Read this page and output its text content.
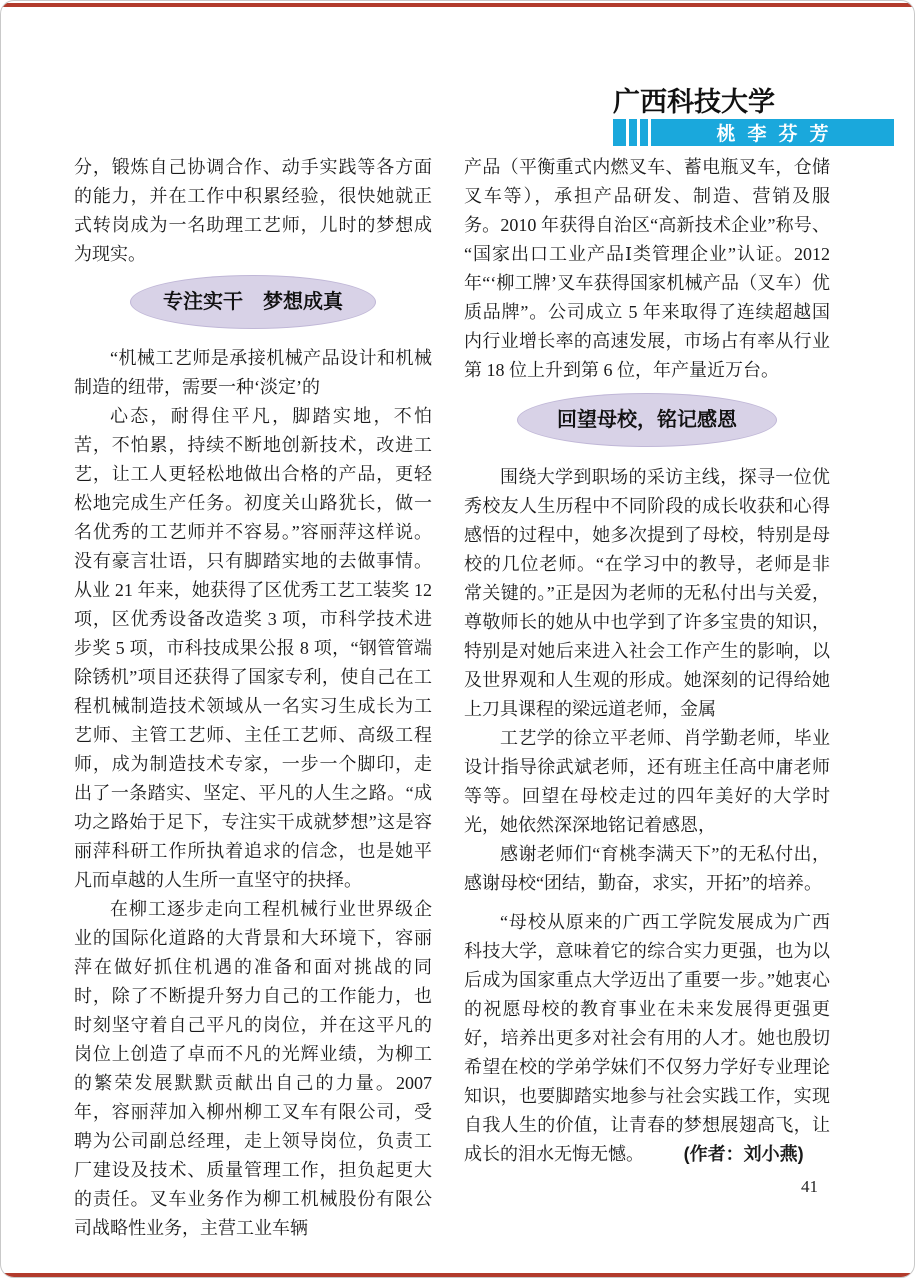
广西科技大学
桃李芬芳

分，锻炼自己协调合作、动手实践等各方面的能力，并在工作中积累经验，很快她就正式转岗成为一名助理工艺师，儿时的梦想成为现实。

专注实干　梦想成真

“机械工艺师是承接机械产品设计和机械制造的纽带，需要一种‘淡定’的

心态，耐得住平凡，脚踏实地，不怕苦，不怕累，持续不断地创新技术，改进工艺，让工人更轻松地做出合格的产品，更轻松地完成生产任务。初度关山路犹长，做一名优秀的工艺师并不容易。”容丽萍这样说。没有豪言壮语，只有脚踏实地的去做事情。从业 21 年来，她获得了区优秀工艺工装奖 12 项，区优秀设备改造奖 3 项，市科学技术进步奖 5 项，市科技成果公报 8 项，“钢管管端除锈机”项目还获得了国家专利，使自己在工程机械制造技术领域从一名实习生成长为工艺师、主管工艺师、主任工艺师、高级工程师，成为制造技术专家，一步一个脚印，走出了一条踏实、坚定、平凡的人生之路。“成功之路始于足下，专注实干成就梦想”这是容丽萍科研工作所执着追求的信念，也是她平凡而卓越的人生所一直坚守的抉择。

在柳工逐步走向工程机械行业世界级企业的国际化道路的大背景和大环境下，容丽萍在做好抓住机遇的准备和面对挑战的同时，除了不断提升努力自己的工作能力，也时刻坚守着自己平凡的岗位，并在这平凡的岗位上创造了卓而不凡的光辉业绩，为柳工的繁荣发展默默贡献出自己的力量。2007 年，容丽萍加入柳州柳工叉车有限公司，受聘为公司副总经理，走上领导岗位，负责工厂建设及技术、质量管理工作，担负起更大的责任。叉车业务作为柳工机械股份有限公司战略性业务，主营工业车辆

产品（平衡重式内燃叉车、蓄电瓶叉车，仓储叉车等），承担产品研发、制造、营销及服务。2010 年获得自治区“高新技术企业”称号、“国家出口工业产品Ⅰ类管理企业”认证。2012 年“‘柳工牌’叉车获得国家机械产品（叉车）优质品牌”。公司成立 5 年来取得了连续超越国内行业增长率的高速发展，市场占有率从行业第 18 位上升到第 6 位，年产量近万台。

回望母校，铭记感恩

围绕大学到职场的采访主线，探寻一位优秀校友人生历程中不同阶段的成长收获和心得感悟的过程中，她多次提到了母校，特别是母校的几位老师。“在学习中的教导，老师是非常关键的。”正是因为老师的无私付出与关爱，尊敬师长的她从中也学到了许多宝贵的知识，特别是对她后来进入社会工作产生的影响，以及世界观和人生观的形成。她深刻的记得给她上刀具课程的梁远道老师，金属

工艺学的徐立平老师、肖学勤老师，毕业设计指导徐武斌老师，还有班主任高中庸老师等等。回望在母校走过的四年美好的大学时光，她依然深深地铭记着感恩，

感谢老师们“育桃李满天下”的无私付出，感谢母校“团结，勤奋，求实，开拓”的培养。

“母校从原来的广西工学院发展成为广西科技大学，意味着它的综合实力更强，也为以后成为国家重点大学迈出了重要一步。”她衷心的祝愿母校的教育事业在未来发展得更强更好，培养出更多对社会有用的人才。她也殷切希望在校的学弟学妹们不仅努力学好专业理论知识，也要脚踏实地参与社会实践工作，实现自我人生的价值，让青春的梦想展翅高飞，让成长的泪水无悔无憾。 (作者：刘小燕)

41
